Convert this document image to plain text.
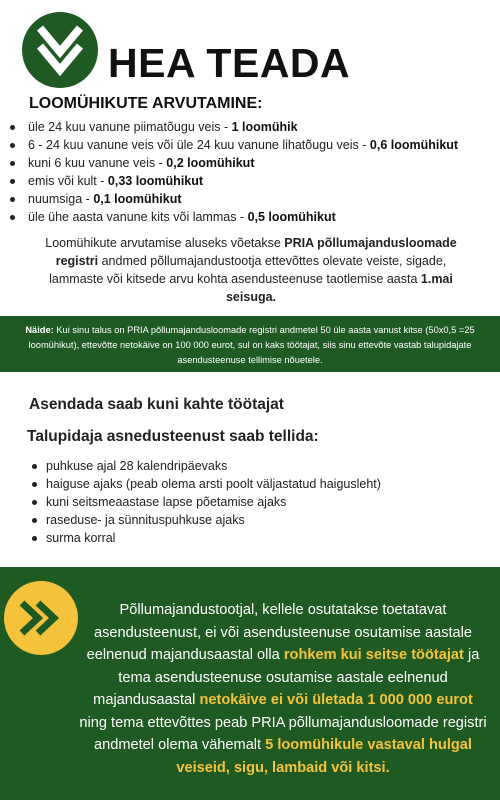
HEA TEADA
LOOMÜHIKUTE ARVUTAMINE:
üle 24 kuu vanune piimatõugu veis - 1 loomühik
6 - 24 kuu vanune veis või üle 24 kuu vanune lihatõugu veis - 0,6 loomühikut
kuni 6 kuu vanune veis - 0,2 loomühikut
emis või kult - 0,33 loomühikut
nuumsiga - 0,1 loomühikut
üle ühe aasta vanune kits või lammas - 0,5 loomühikut

Loomühikute arvutamise aluseks võetakse PRIA põllumajandusloomade registri andmed põllumajandustootja ettevõttes olevate veiste, sigade, lammaste või kitsede arvu kohta asendusteenuse taotlemise aasta 1.mai seisuga.

Näide: Kui sinu talus on PRIA põllumajandusloomade registri andmetel 50 üle aasta vanust kitse (50x0,5 =25 loomühikut), ettevõtte netokäive on 100 000 eurot, sul on kaks töötajat, siis sinu ettevõte vastab talupidajate asendusteenuse tellimise nõuetele.
Asendada saab kuni kahte töötajat
Talupidaja asnedusteenust saab tellida:
puhkuse ajal 28 kalendripäevaks
haiguse ajaks (peab olema arsti poolt väljastatud haigusleht)
kuni seitsmeaastase lapse põetamise ajaks
raseduse- ja sünnituspuhkuse ajaks
surma korral

Põllumajandustootjal, kellele osutatakse toetatavat asendusteenust, ei või asendusteenuse osutamise aastale eelnenud majandusaastal olla rohkem kui seitse töötajat ja tema asendusteenuse osutamise aastale eelnenud majandusaastal netokäive ei või ületada 1 000 000 eurot ning tema ettevõttes peab PRIA põllumajandusloomade registri andmetel olema vähemalt 5 loomühikule vastaval hulgal veiseid, sigu, lambaid või kitsi.
